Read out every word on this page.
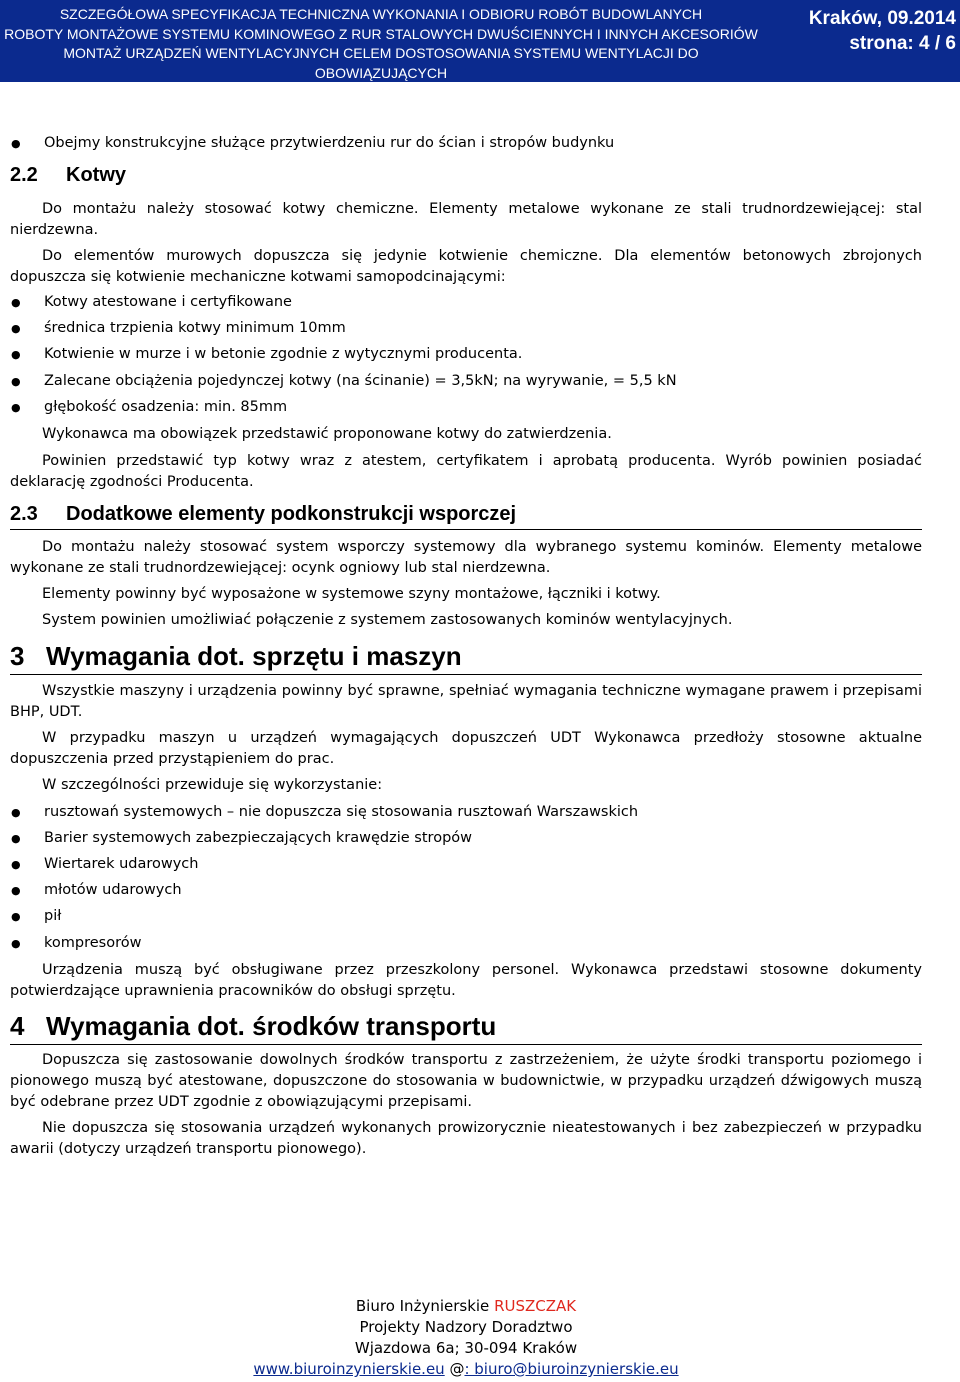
SZCZEGÓŁOWA SPECYFIKACJA TECHNICZNA WYKONANIA I ODBIORU ROBÓT BUDOWLANYCH
ROBOTY MONTAŻOWE SYSTEMU KOMINOWEGO Z RUR STALOWYCH DWUŚCIENNYCH I INNYCH AKCESORIÓW
MONTAŻ URZĄDZEŃ WENTYLACYJNYCH CELEM DOSTOSOWANIA SYSTEMU WENTYLACJI DO OBOWIĄZUJĄCYCH
PRZEPISÓW TECHNICZNYCH ; Zwardoń, Zwardoń 2, Gm. Rajcza
Kraków, 09.2014
strona: 4 / 6
● Obejmy konstrukcyjne służące przytwierdzeniu rur do ścian i stropów budynku
2.2 Kotwy

Do montażu należy stosować kotwy chemiczne. Elementy metalowe wykonane ze stali trudnordzewiejącej: stal nierdzewna.

Do elementów murowych dopuszcza się jedynie kotwienie chemiczne. Dla elementów betonowych zbrojonych dopuszcza się kotwienie mechaniczne kotwami samopodcinającymi:

● Kotwy atestowane i certyfikowane
● średnica trzpienia kotwy minimum 10mm
● Kotwienie w murze i w betonie zgodnie z wytycznymi producenta.
● Zalecane obciążenia pojedynczej kotwy (na ścinanie) = 3,5kN; na wyrywanie, = 5,5 kN
● głębokość osadzenia: min. 85mm

Wykonawca ma obowiązek przedstawić proponowane kotwy do zatwierdzenia.

Powinien przedstawić typ kotwy wraz z atestem, certyfikatem i aprobatą producenta. Wyrób powinien posiadać deklarację zgodności Producenta.

2.3 Dodatkowe elementy podkonstrukcji wsporczej

Do montażu należy stosować system wsporczy systemowy dla wybranego systemu kominów. Elementy metalowe wykonane ze stali trudnordzewiejącej: ocynk ogniowy lub stal nierdzewna.

Elementy powinny być wyposażone w systemowe szyny montażowe, łączniki i kotwy.

System powinien umożliwiać połączenie z systemem zastosowanych kominów wentylacyjnych.

3 Wymagania dot. sprzętu i maszyn

Wszystkie maszyny i urządzenia powinny być sprawne, spełniać wymagania techniczne wymagane prawem i przepisami BHP, UDT.

W przypadku maszyn u urządzeń wymagających dopuszczeń UDT Wykonawca przedłoży stosowne aktualne dopuszczenia przed przystąpieniem do prac.

W szczególności przewiduje się wykorzystanie:

● rusztowań systemowych – nie dopuszcza się stosowania rusztowań Warszawskich
● Barier systemowych zabezpieczających krawędzie stropów
● Wiertarek udarowych
● młotów udarowych
● pił
● kompresorów

Urządzenia muszą być obsługiwane przez przeszkolony personel. Wykonawca przedstawi stosowne dokumenty potwierdzające uprawnienia pracowników do obsługi sprzętu.

4 Wymagania dot. środków transportu

Dopuszcza się zastosowanie dowolnych środków transportu z zastrzeżeniem, że użyte środki transportu poziomego i pionowego muszą być atestowane, dopuszczone do stosowania w budownictwie, w przypadku urządzeń dźwigowych muszą być odebrane przez UDT zgodnie z obowiązującymi przepisami.

Nie dopuszcza się stosowania urządzeń wykonanych prowizorycznie nieatestowanych i bez zabezpieczeń w przypadku awarii (dotyczy urządzeń transportu pionowego).

Biuro Inżynierskie RUSZCZAK
Projekty Nadzory Doradztwo
Wjazdowa 6a; 30-094 Kraków
www.biuroinzynierskie.eu @: biuro@biuroinzynierskie.eu
